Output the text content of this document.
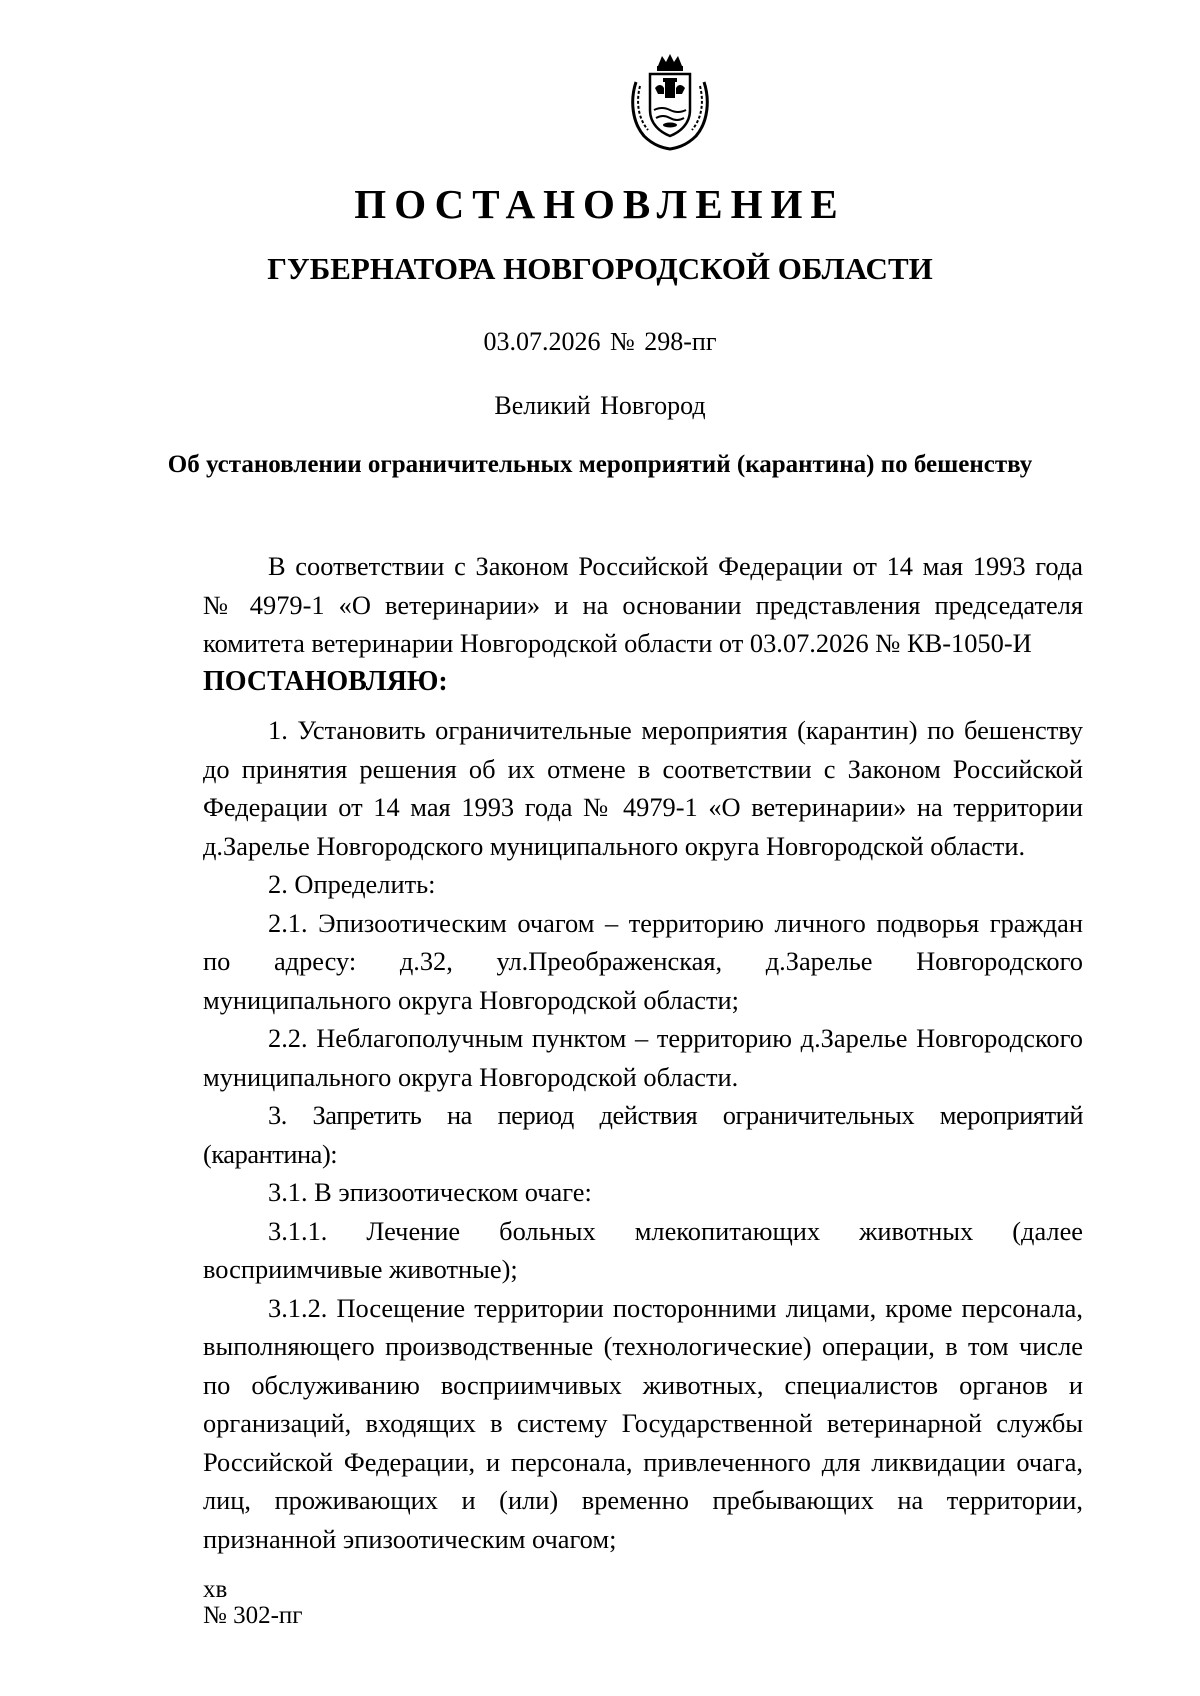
ПОСТАНОВЛЕНИЕ
ГУБЕРНАТОРА НОВГОРОДСКОЙ ОБЛАСТИ
03.07.2026 № 298-пг
Великий Новгород
Об установлении ограничительных мероприятий (карантина) по бешенству

В соответствии с Законом Российской Федерации от 14 мая 1993 года № 4979-1 «О ветеринарии» и на основании представления председателя комитета ветеринарии Новгородской области от 03.07.2026 № КВ-1050-И

ПОСТАНОВЛЯЮ:

1. Установить ограничительные мероприятия (карантин) по бешенству до принятия решения об их отмене в соответствии с Законом Российской Федерации от 14 мая 1993 года № 4979-1 «О ветеринарии» на территории д.Зарелье Новгородского муниципального округа Новгородской области.

2. Определить:

2.1. Эпизоотическим очагом – территорию личного подворья граждан по адресу: д.32, ул.Преображенская, д.Зарелье Новгородского муниципального округа Новгородской области;

2.2. Неблагополучным пунктом – территорию д.Зарелье Новгородского муниципального округа Новгородской области.

3. Запретить на период действия ограничительных мероприятий (карантина):

3.1. В эпизоотическом очаге:

3.1.1. Лечение больных млекопитающих животных (далее восприимчивые животные);

3.1.2. Посещение территории посторонними лицами, кроме персонала, выполняющего производственные (технологические) операции, в том числе по обслуживанию восприимчивых животных, специалистов органов и организаций, входящих в систему Государственной ветеринарной службы Российской Федерации, и персонала, привлеченного для ликвидации очага, лиц, проживающих и (или) временно пребывающих на территории, признанной эпизоотическим очагом;

хв
№ 302-пг
